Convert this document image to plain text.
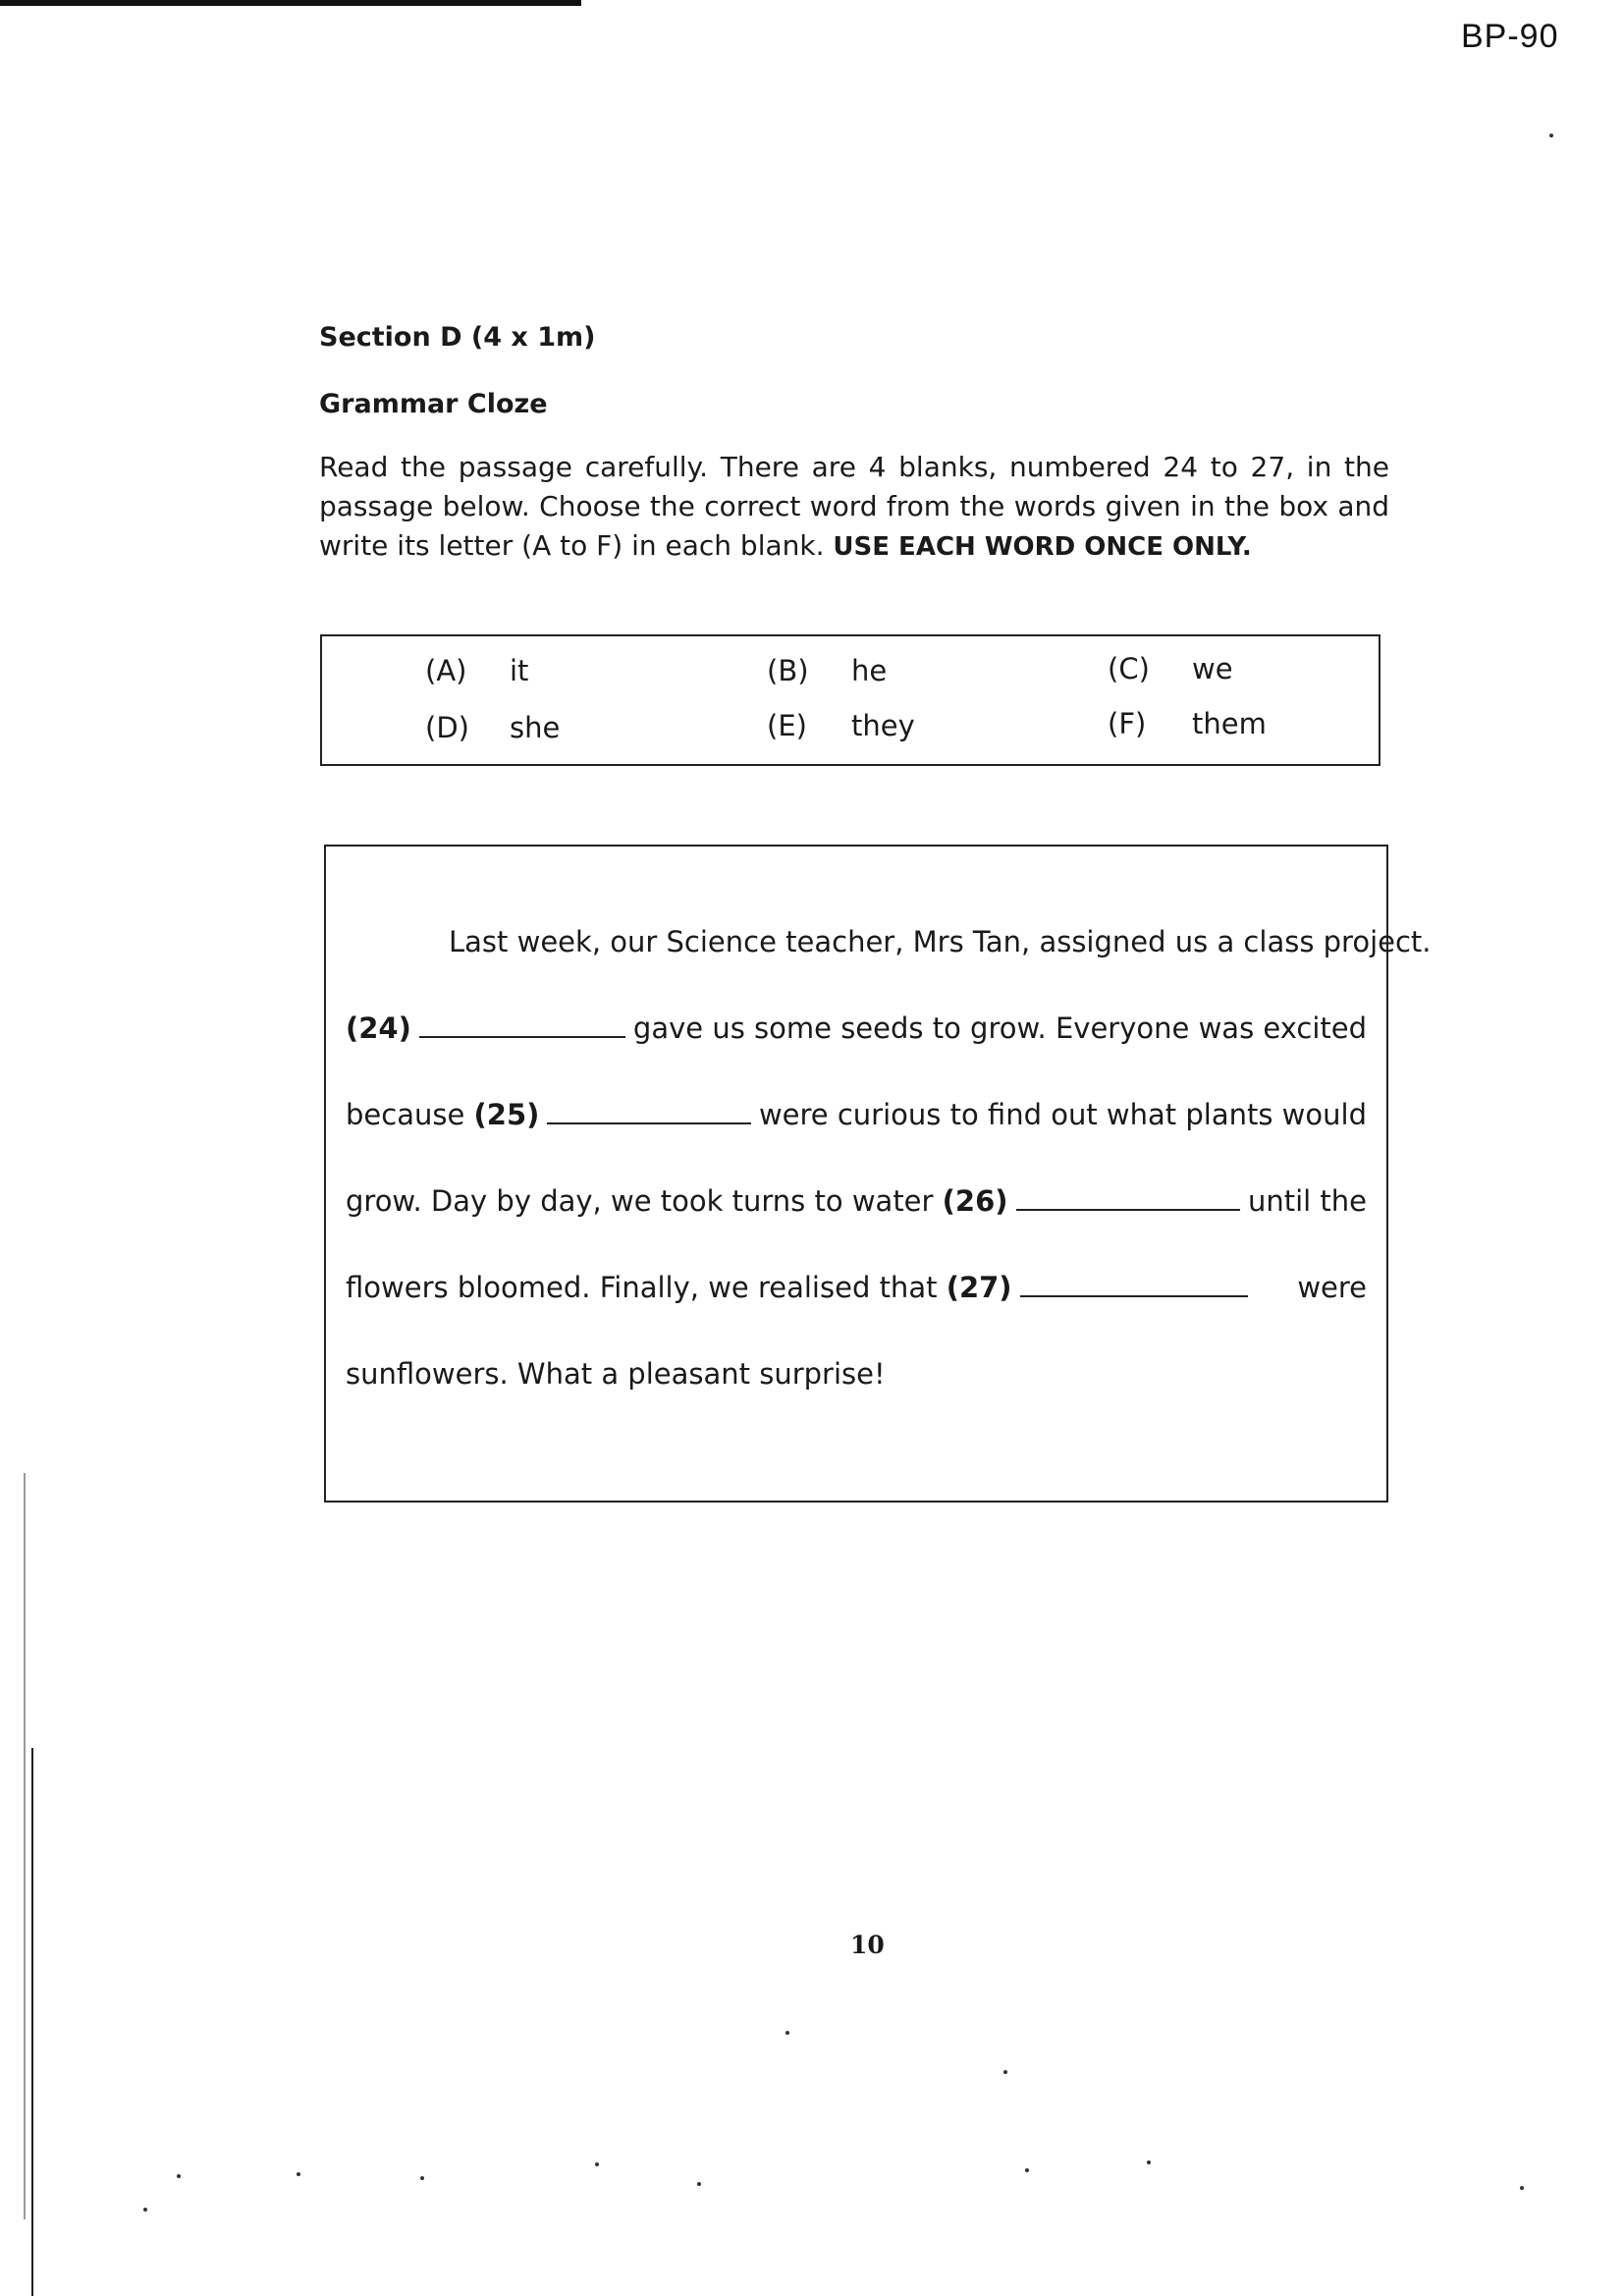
BP-90
Section D (4 x 1m)
Grammar Cloze
Read the passage carefully. There are 4 blanks, numbered 24 to 27, in the passage below. Choose the correct word from the words given in the box and write its letter (A to F) in each blank. USE EACH WORD ONCE ONLY.
(A) it	(B) he	(C) we
(D) she	(E) they	(F) them
Last week, our Science teacher, Mrs Tan, assigned us a class project.
(24)	gave us some seeds to grow. Everyone was excited
because
(25)	were curious to find out what plants would
grow. Day by day, we took turns to water
(26)	until the
flowers bloomed. Finally, we realised that
(27)	were
sunflowers. What a pleasant surprise!
10
